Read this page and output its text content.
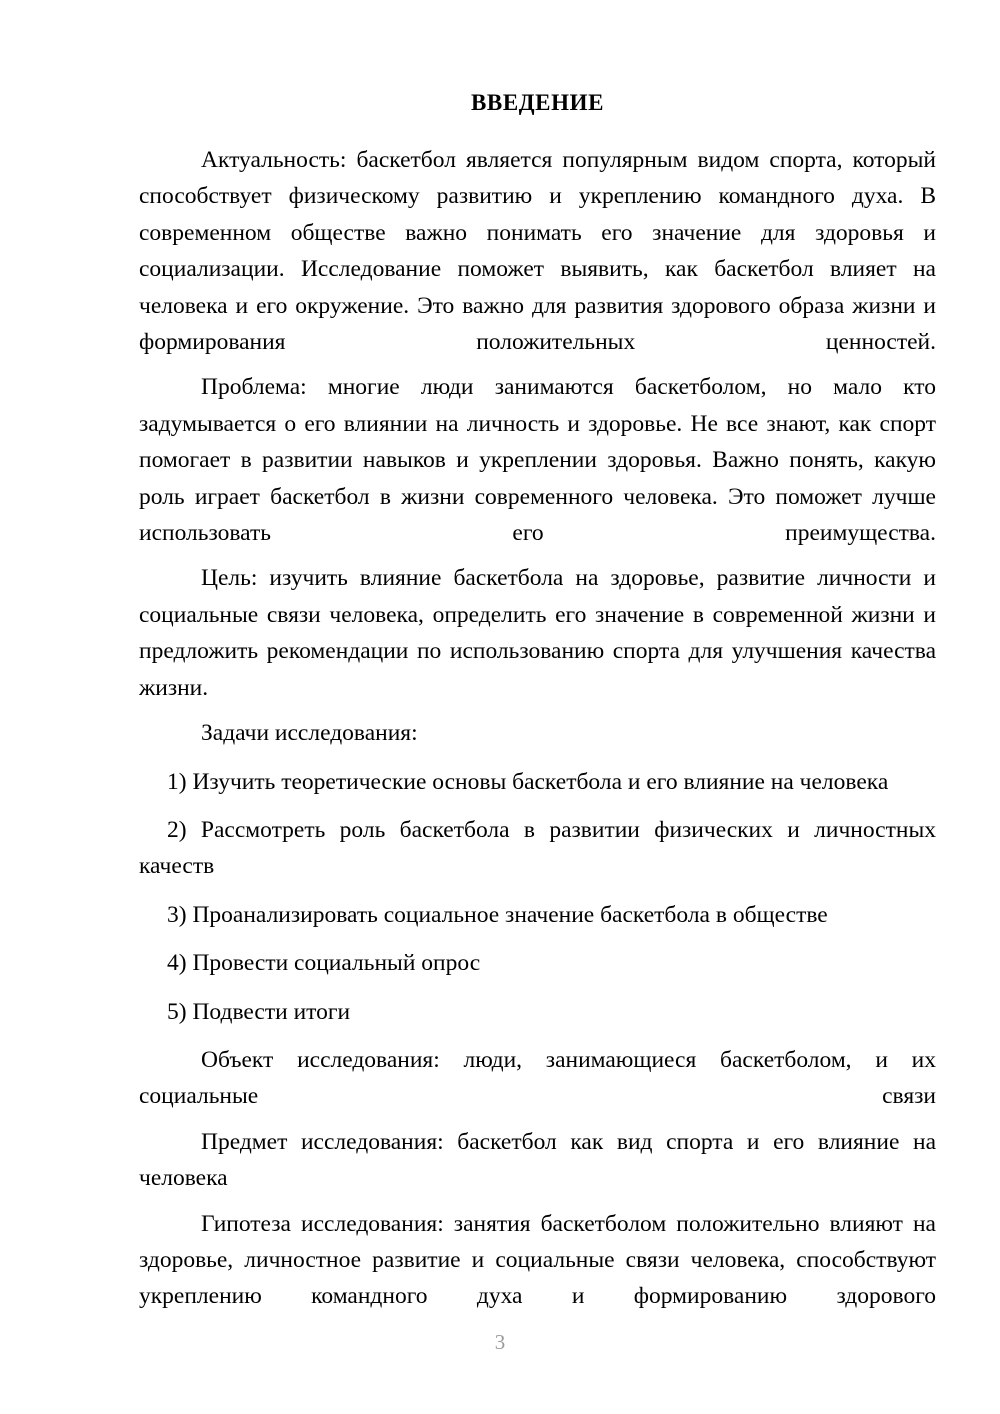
ВВЕДЕНИЕ

Актуальность: баскетбол является популярным видом спорта, который способствует физическому развитию и укреплению командного духа. В современном обществе важно понимать его значение для здоровья и социализации. Исследование поможет выявить, как баскетбол влияет на человека и его окружение. Это важно для развития здорового образа жизни и формирования положительных ценностей.

Проблема: многие люди занимаются баскетболом, но мало кто задумывается о его влиянии на личность и здоровье. Не все знают, как спорт помогает в развитии навыков и укреплении здоровья. Важно понять, какую роль играет баскетбол в жизни современного человека. Это поможет лучше использовать его преимущества.

Цель: изучить влияние баскетбола на здоровье, развитие личности и социальные связи человека, определить его значение в современной жизни и предложить рекомендации по использованию спорта для улучшения качества жизни.

Задачи исследования:

1) Изучить теоретические основы баскетбола и его влияние на человека

2) Рассмотреть роль баскетбола в развитии физических и личностных качеств

3) Проанализировать социальное значение баскетбола в обществе

4) Провести социальный опрос

5) Подвести итоги

Объект исследования: люди, занимающиеся баскетболом, и их социальные связи

Предмет исследования: баскетбол как вид спорта и его влияние на человека

Гипотеза исследования: занятия баскетболом положительно влияют на здоровье, личностное развитие и социальные связи человека, способствуют укреплению командного духа и формированию здорового

3
